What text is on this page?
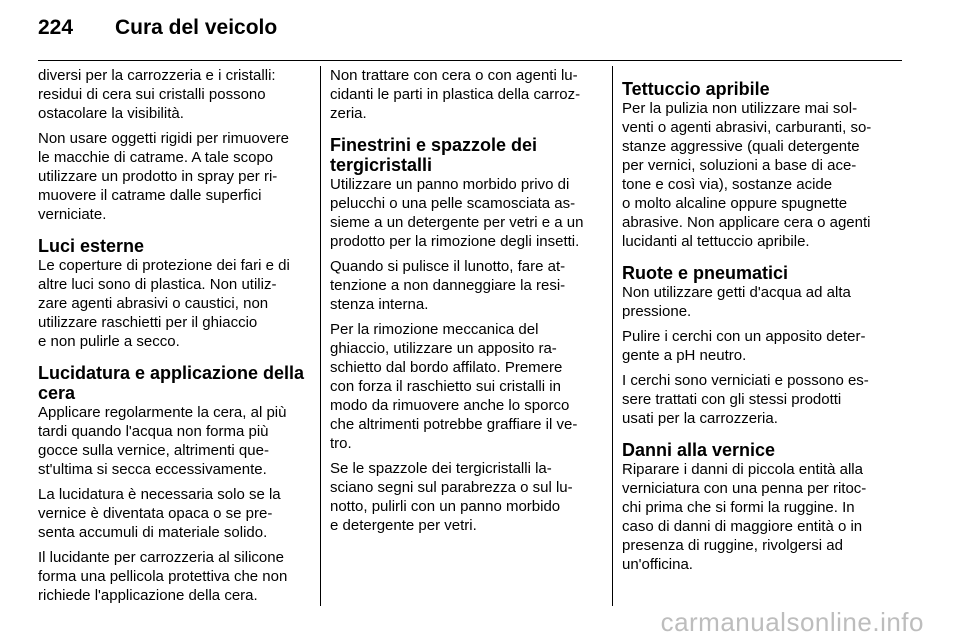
224	Cura del veicolo

diversi per la carrozzeria e i cristalli:
residui di cera sui cristalli possono
ostacolare la visibilità.

Non usare oggetti rigidi per rimuovere
le macchie di catrame. A tale scopo
utilizzare un prodotto in spray per ri-
muovere il catrame dalle superfici
verniciate.

Luci esterne

Le coperture di protezione dei fari e di
altre luci sono di plastica. Non utiliz-
zare agenti abrasivi o caustici, non
utilizzare raschietti per il ghiaccio
e non pulirle a secco.

Lucidatura e applicazione della
cera

Applicare regolarmente la cera, al più
tardi quando l'acqua non forma più
gocce sulla vernice, altrimenti que-
st'ultima si secca eccessivamente.

La lucidatura è necessaria solo se la
vernice è diventata opaca o se pre-
senta accumuli di materiale solido.

Il lucidante per carrozzeria al silicone
forma una pellicola protettiva che non
richiede l'applicazione della cera.

Non trattare con cera o con agenti lu-
cidanti le parti in plastica della carroz-
zeria.

Finestrini e spazzole dei
tergicristalli

Utilizzare un panno morbido privo di
pelucchi o una pelle scamosciata as-
sieme a un detergente per vetri e a un
prodotto per la rimozione degli insetti.

Quando si pulisce il lunotto, fare at-
tenzione a non danneggiare la resi-
stenza interna.

Per la rimozione meccanica del
ghiaccio, utilizzare un apposito ra-
schietto dal bordo affilato. Premere
con forza il raschietto sui cristalli in
modo da rimuovere anche lo sporco
che altrimenti potrebbe graffiare il ve-
tro.

Se le spazzole dei tergicristalli la-
sciano segni sul parabrezza o sul lu-
notto, pulirli con un panno morbido
e detergente per vetri.

Tettuccio apribile

Per la pulizia non utilizzare mai sol-
venti o agenti abrasivi, carburanti, so-
stanze aggressive (quali detergente
per vernici, soluzioni a base di ace-
tone e così via), sostanze acide
o molto alcaline oppure spugnette
abrasive. Non applicare cera o agenti
lucidanti al tettuccio apribile.

Ruote e pneumatici

Non utilizzare getti d'acqua ad alta
pressione.

Pulire i cerchi con un apposito deter-
gente a pH neutro.

I cerchi sono verniciati e possono es-
sere trattati con gli stessi prodotti
usati per la carrozzeria.

Danni alla vernice

Riparare i danni di piccola entità alla
verniciatura con una penna per ritoc-
chi prima che si formi la ruggine. In
caso di danni di maggiore entità o in
presenza di ruggine, rivolgersi ad
un'officina.

carmanualsonline.info
